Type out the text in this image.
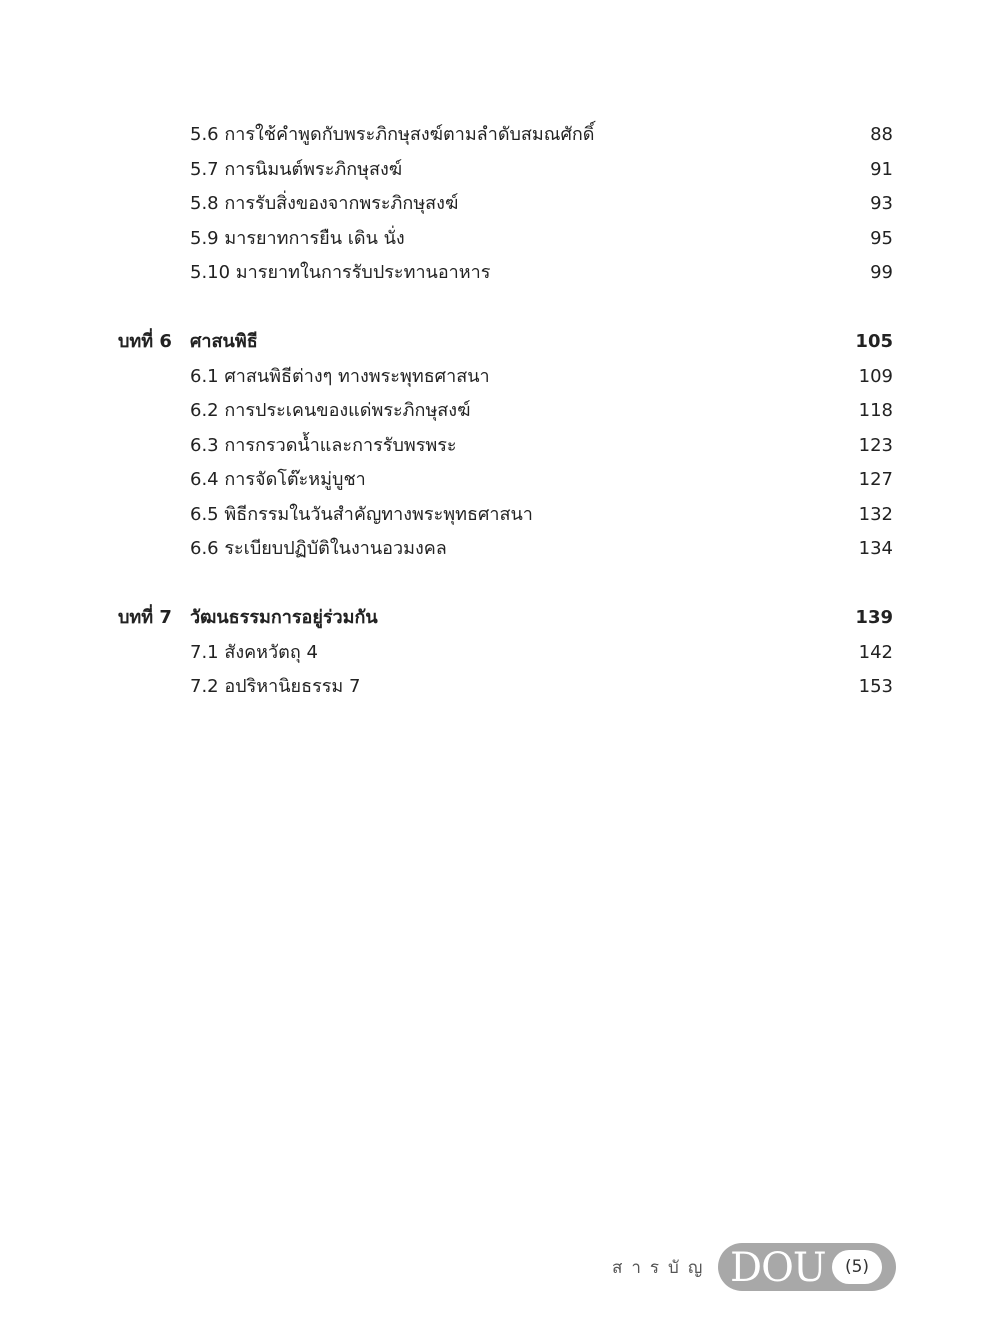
5.6 การใช้คำพูดกับพระภิกษุสงฆ์ตามลำดับสมณศักดิ์	88
5.7 การนิมนต์พระภิกษุสงฆ์	91
5.8 การรับสิ่งของจากพระภิกษุสงฆ์	93
5.9 มารยาทการยืน เดิน นั่ง	95
5.10 มารยาทในการรับประทานอาหาร	99
บทที่ 6 ศาสนพิธี	105
6.1 ศาสนพิธีต่างๆ ทางพระพุทธศาสนา	109
6.2 การประเคนของแด่พระภิกษุสงฆ์	118
6.3 การกรวดน้ำและการรับพรพระ	123
6.4 การจัดโต๊ะหมู่บูชา	127
6.5 พิธีกรรมในวันสำคัญทางพระพุทธศาสนา	132
6.6 ระเบียบปฏิบัติในงานอวมงคล	134
บทที่ 7 วัฒนธรรมการอยู่ร่วมกัน	139
7.1 สังคหวัตถุ 4	142
7.2 อปริหานิยธรรม 7	153
สารบัญ DOU	(5)
